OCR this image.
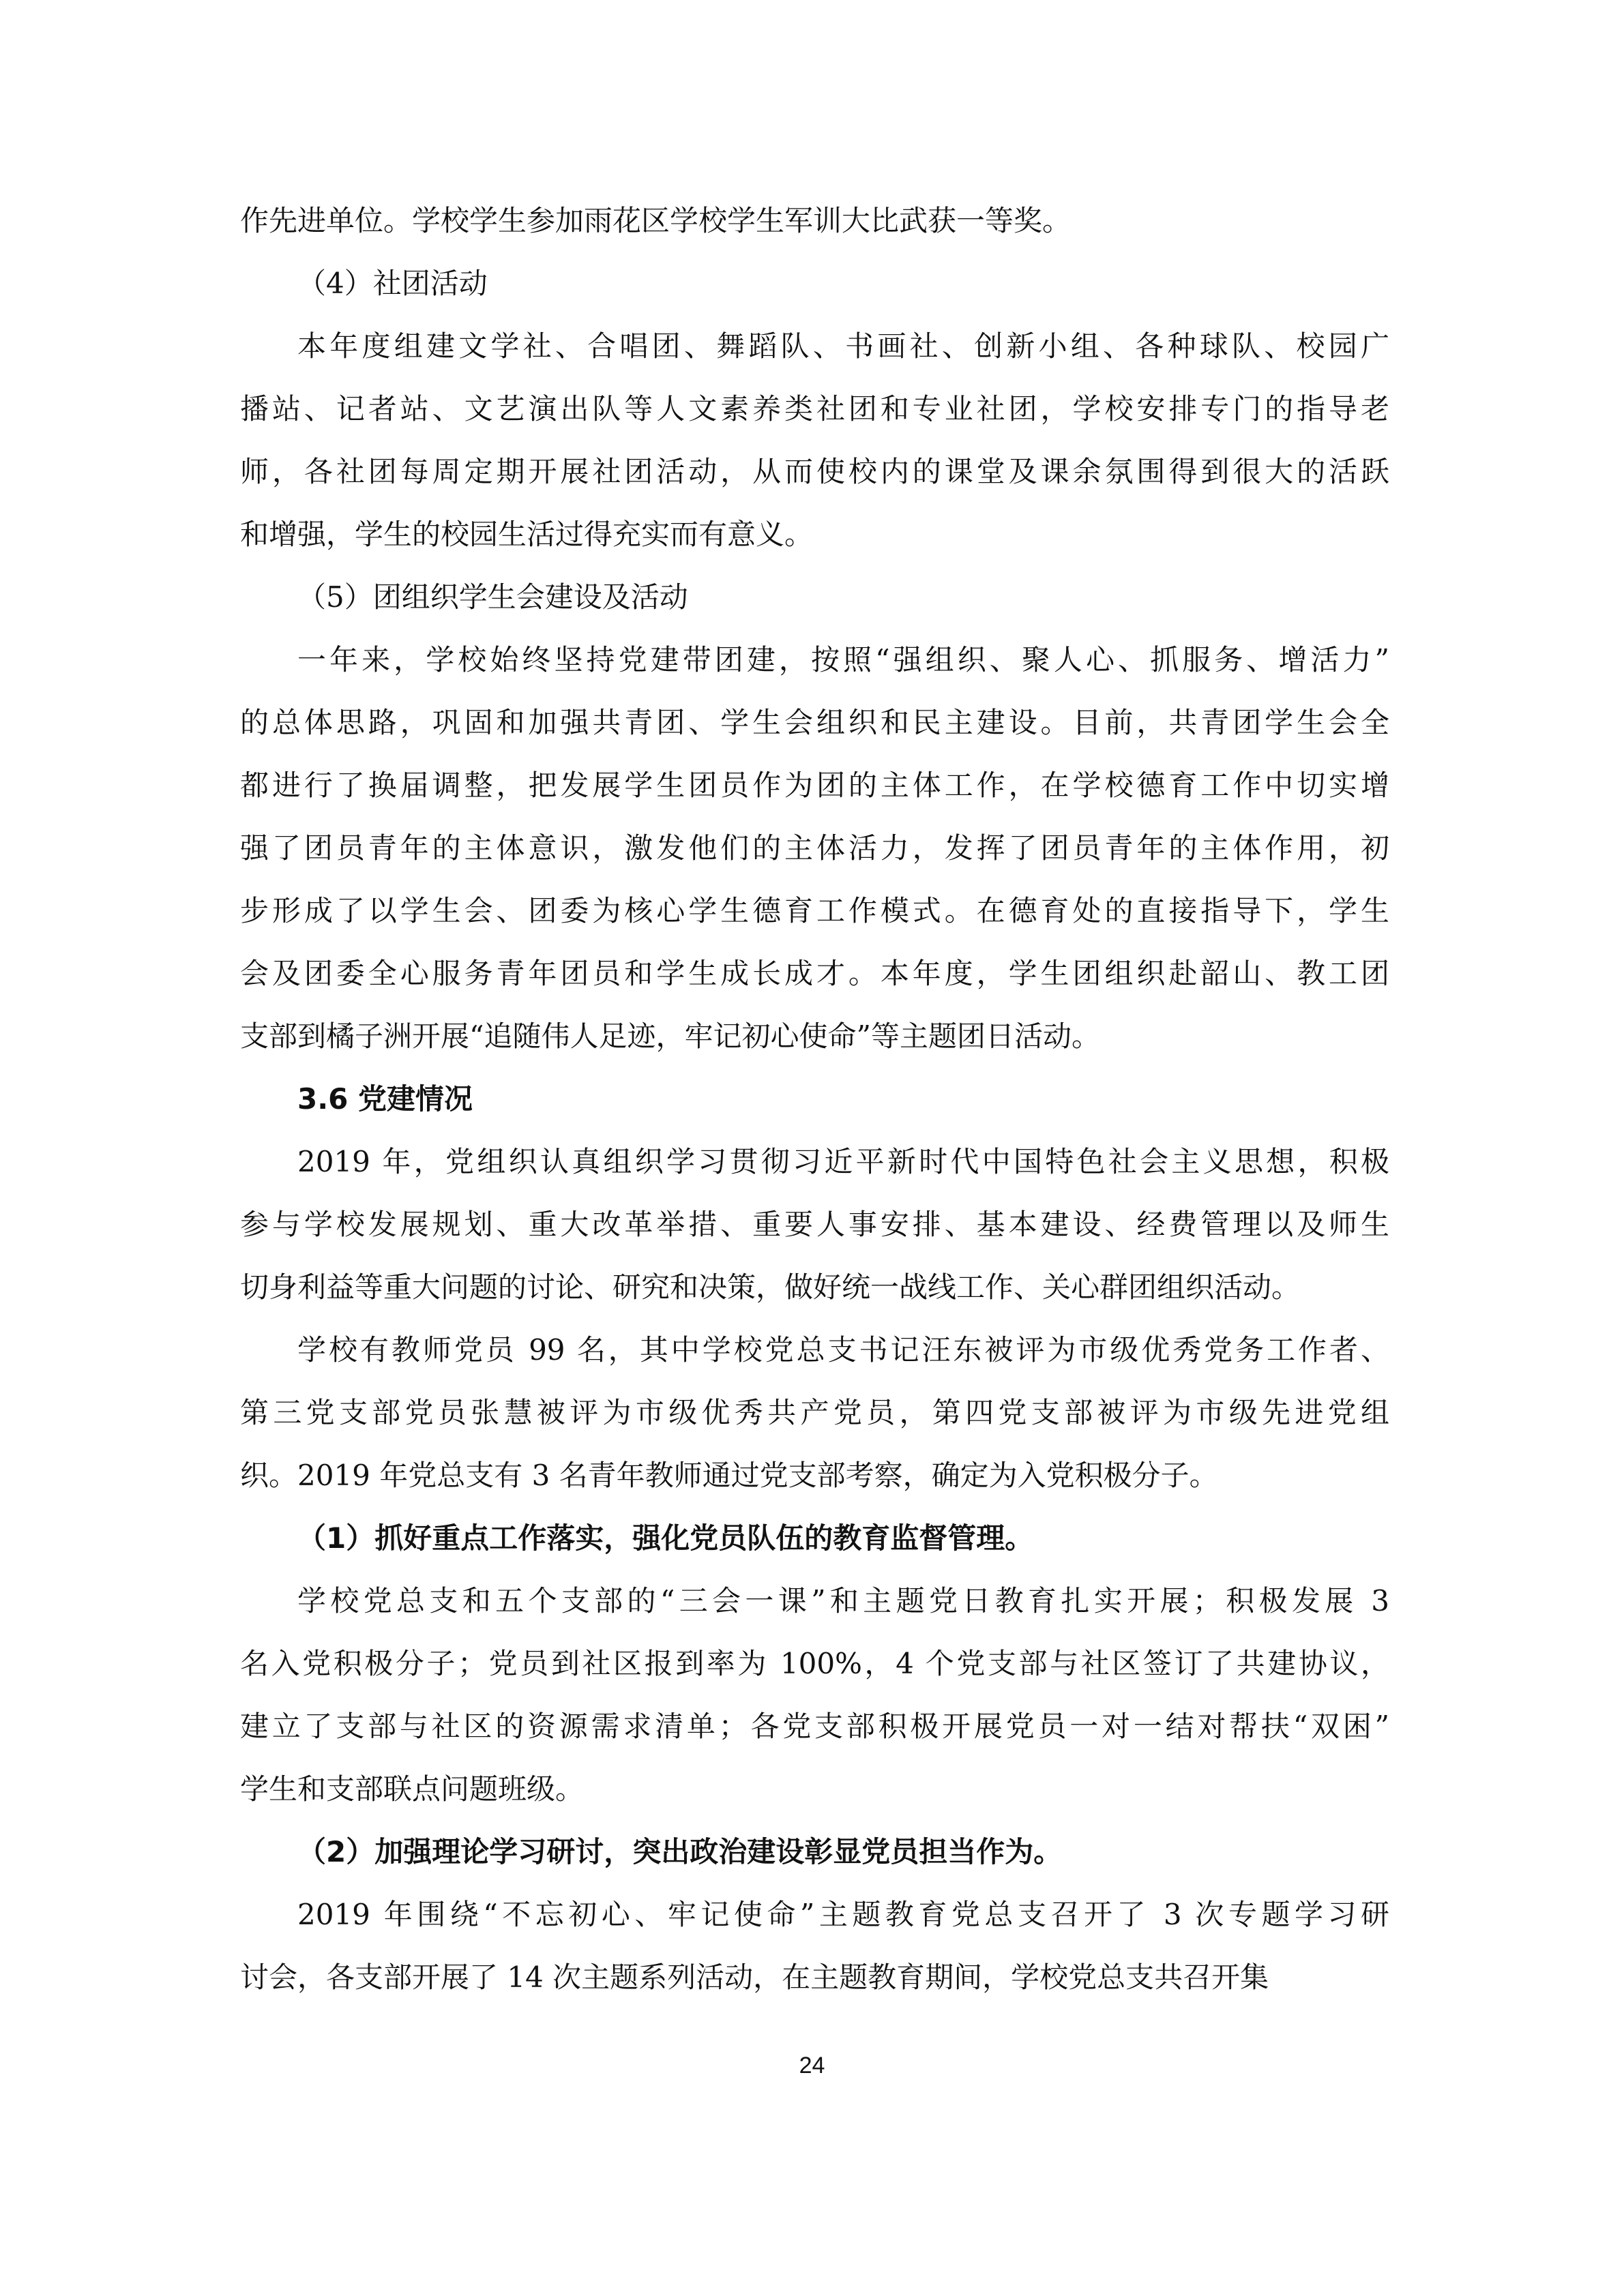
作先进单位。学校学生参加雨花区学校学生军训大比武获一等奖。
（4）社团活动
本年度组建文学社、合唱团、舞蹈队、书画社、创新小组、各种球队、校园广
播站、记者站、文艺演出队等人文素养类社团和专业社团，学校安排专门的指导老
师，各社团每周定期开展社团活动，从而使校内的课堂及课余氛围得到很大的活跃
和增强，学生的校园生活过得充实而有意义。
（5）团组织学生会建设及活动
一年来，学校始终坚持党建带团建，按照“强组织、聚人心、抓服务、增活力”
的总体思路，巩固和加强共青团、学生会组织和民主建设。目前，共青团学生会全
都进行了换届调整，把发展学生团员作为团的主体工作，在学校德育工作中切实增
强了团员青年的主体意识，激发他们的主体活力，发挥了团员青年的主体作用，初
步形成了以学生会、团委为核心学生德育工作模式。在德育处的直接指导下，学生
会及团委全心服务青年团员和学生成长成才。本年度，学生团组织赴韶山、教工团
支部到橘子洲开展“追随伟人足迹，牢记初心使命”等主题团日活动。
3.6 党建情况
2019 年，党组织认真组织学习贯彻习近平新时代中国特色社会主义思想，积极
参与学校发展规划、重大改革举措、重要人事安排、基本建设、经费管理以及师生
切身利益等重大问题的讨论、研究和决策，做好统一战线工作、关心群团组织活动。
学校有教师党员 99 名，其中学校党总支书记汪东被评为市级优秀党务工作者、
第三党支部党员张慧被评为市级优秀共产党员，第四党支部被评为市级先进党组
织。2019 年党总支有 3 名青年教师通过党支部考察，确定为入党积极分子。
（1）抓好重点工作落实，强化党员队伍的教育监督管理。
学校党总支和五个支部的“三会一课”和主题党日教育扎实开展；积极发展 3
名入党积极分子；党员到社区报到率为 100%，4 个党支部与社区签订了共建协议，
建立了支部与社区的资源需求清单；各党支部积极开展党员一对一结对帮扶“双困”
学生和支部联点问题班级。
（2）加强理论学习研讨，突出政治建设彰显党员担当作为。
2019 年围绕“不忘初心、牢记使命”主题教育党总支召开了 3 次专题学习研
讨会，各支部开展了 14 次主题系列活动，在主题教育期间，学校党总支共召开集
24
